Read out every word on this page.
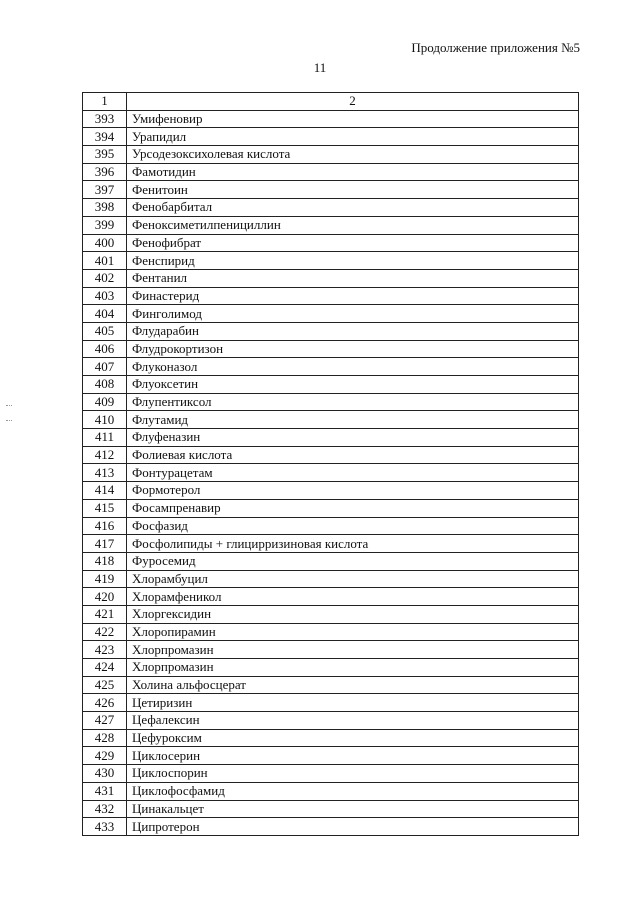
Продолжение приложения №5
11
1	2
393	Умифеновир
394	Урапидил
395	Урсодезоксихолевая кислота
396	Фамотидин
397	Фенитоин
398	Фенобарбитал
399	Феноксиметилпенициллин
400	Фенофибрат
401	Фенспирид
402	Фентанил
403	Финастерид
404	Финголимод
405	Флударабин
406	Флудрокортизон
407	Флуконазол
408	Флуоксетин
409	Флупентиксол
410	Флутамид
411	Флуфеназин
412	Фолиевая кислота
413	Фонтурацетам
414	Формотерол
415	Фосампренавир
416	Фосфазид
417	Фосфолипиды + глицирризиновая кислота
418	Фуросемид
419	Хлорамбуцил
420	Хлорамфеникол
421	Хлоргексидин
422	Хлоропирамин
423	Хлорпромазин
424	Хлорпромазин
425	Холина альфосцерат
426	Цетиризин
427	Цефалексин
428	Цефуроксим
429	Циклосерин
430	Циклоспорин
431	Циклофосфамид
432	Цинакальцет
433	Ципротерон
